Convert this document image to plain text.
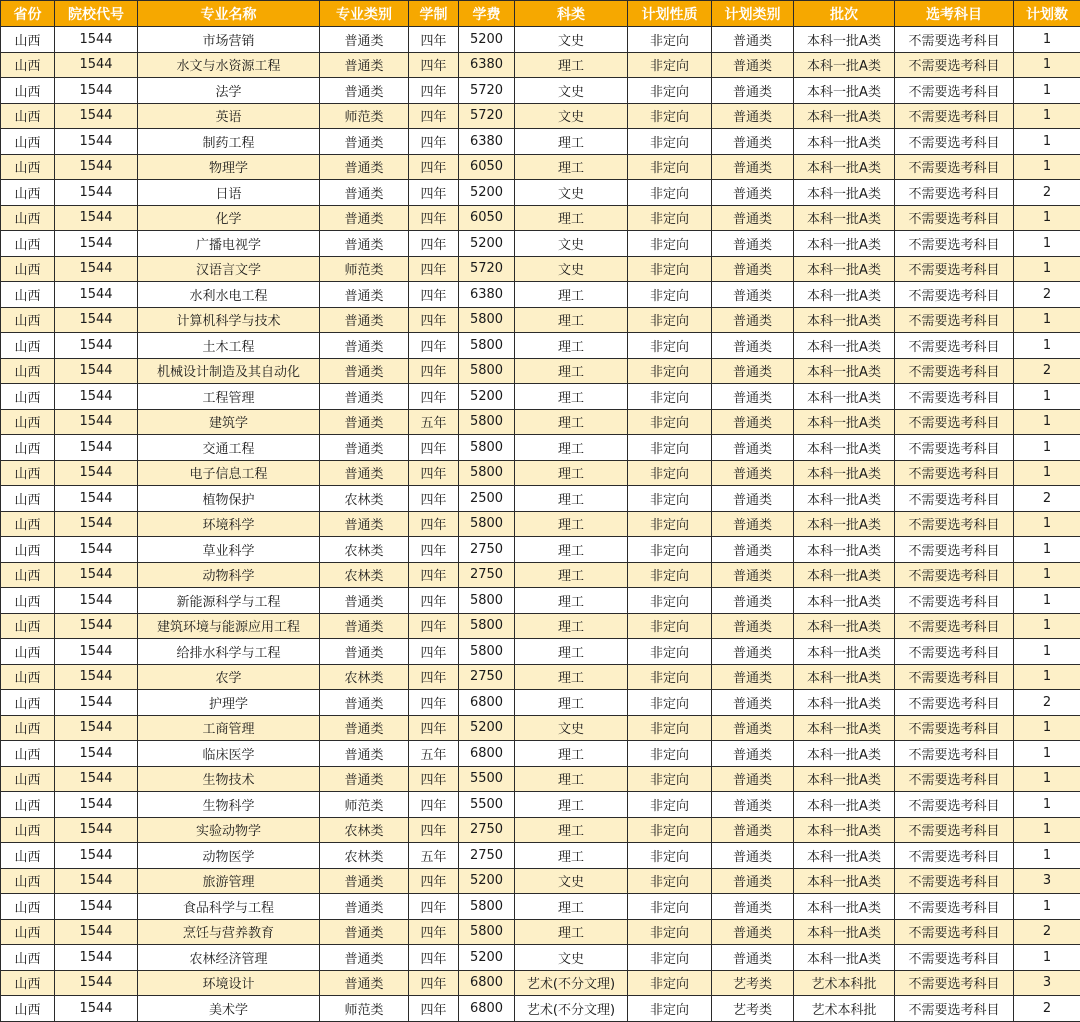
省份	院校代号	专业名称	专业类别	学制	学费	科类	计划性质	计划类别	批次	选考科目	计划数
山西	1544	市场营销	普通类	四年	5200	文史	非定向	普通类	本科一批A类	不需要选考科目	1
山西	1544	水文与水资源工程	普通类	四年	6380	理工	非定向	普通类	本科一批A类	不需要选考科目	1
山西	1544	法学	普通类	四年	5720	文史	非定向	普通类	本科一批A类	不需要选考科目	1
山西	1544	英语	师范类	四年	5720	文史	非定向	普通类	本科一批A类	不需要选考科目	1
山西	1544	制药工程	普通类	四年	6380	理工	非定向	普通类	本科一批A类	不需要选考科目	1
山西	1544	物理学	普通类	四年	6050	理工	非定向	普通类	本科一批A类	不需要选考科目	1
山西	1544	日语	普通类	四年	5200	文史	非定向	普通类	本科一批A类	不需要选考科目	2
山西	1544	化学	普通类	四年	6050	理工	非定向	普通类	本科一批A类	不需要选考科目	1
山西	1544	广播电视学	普通类	四年	5200	文史	非定向	普通类	本科一批A类	不需要选考科目	1
山西	1544	汉语言文学	师范类	四年	5720	文史	非定向	普通类	本科一批A类	不需要选考科目	1
山西	1544	水利水电工程	普通类	四年	6380	理工	非定向	普通类	本科一批A类	不需要选考科目	2
山西	1544	计算机科学与技术	普通类	四年	5800	理工	非定向	普通类	本科一批A类	不需要选考科目	1
山西	1544	土木工程	普通类	四年	5800	理工	非定向	普通类	本科一批A类	不需要选考科目	1
山西	1544	机械设计制造及其自动化	普通类	四年	5800	理工	非定向	普通类	本科一批A类	不需要选考科目	2
山西	1544	工程管理	普通类	四年	5200	理工	非定向	普通类	本科一批A类	不需要选考科目	1
山西	1544	建筑学	普通类	五年	5800	理工	非定向	普通类	本科一批A类	不需要选考科目	1
山西	1544	交通工程	普通类	四年	5800	理工	非定向	普通类	本科一批A类	不需要选考科目	1
山西	1544	电子信息工程	普通类	四年	5800	理工	非定向	普通类	本科一批A类	不需要选考科目	1
山西	1544	植物保护	农林类	四年	2500	理工	非定向	普通类	本科一批A类	不需要选考科目	2
山西	1544	环境科学	普通类	四年	5800	理工	非定向	普通类	本科一批A类	不需要选考科目	1
山西	1544	草业科学	农林类	四年	2750	理工	非定向	普通类	本科一批A类	不需要选考科目	1
山西	1544	动物科学	农林类	四年	2750	理工	非定向	普通类	本科一批A类	不需要选考科目	1
山西	1544	新能源科学与工程	普通类	四年	5800	理工	非定向	普通类	本科一批A类	不需要选考科目	1
山西	1544	建筑环境与能源应用工程	普通类	四年	5800	理工	非定向	普通类	本科一批A类	不需要选考科目	1
山西	1544	给排水科学与工程	普通类	四年	5800	理工	非定向	普通类	本科一批A类	不需要选考科目	1
山西	1544	农学	农林类	四年	2750	理工	非定向	普通类	本科一批A类	不需要选考科目	1
山西	1544	护理学	普通类	四年	6800	理工	非定向	普通类	本科一批A类	不需要选考科目	2
山西	1544	工商管理	普通类	四年	5200	文史	非定向	普通类	本科一批A类	不需要选考科目	1
山西	1544	临床医学	普通类	五年	6800	理工	非定向	普通类	本科一批A类	不需要选考科目	1
山西	1544	生物技术	普通类	四年	5500	理工	非定向	普通类	本科一批A类	不需要选考科目	1
山西	1544	生物科学	师范类	四年	5500	理工	非定向	普通类	本科一批A类	不需要选考科目	1
山西	1544	实验动物学	农林类	四年	2750	理工	非定向	普通类	本科一批A类	不需要选考科目	1
山西	1544	动物医学	农林类	五年	2750	理工	非定向	普通类	本科一批A类	不需要选考科目	1
山西	1544	旅游管理	普通类	四年	5200	文史	非定向	普通类	本科一批A类	不需要选考科目	3
山西	1544	食品科学与工程	普通类	四年	5800	理工	非定向	普通类	本科一批A类	不需要选考科目	1
山西	1544	烹饪与营养教育	普通类	四年	5800	理工	非定向	普通类	本科一批A类	不需要选考科目	2
山西	1544	农林经济管理	普通类	四年	5200	文史	非定向	普通类	本科一批A类	不需要选考科目	1
山西	1544	环境设计	普通类	四年	6800	艺术(不分文理)	非定向	艺考类	艺术本科批	不需要选考科目	3
山西	1544	美术学	师范类	四年	6800	艺术(不分文理)	非定向	艺考类	艺术本科批	不需要选考科目	2
